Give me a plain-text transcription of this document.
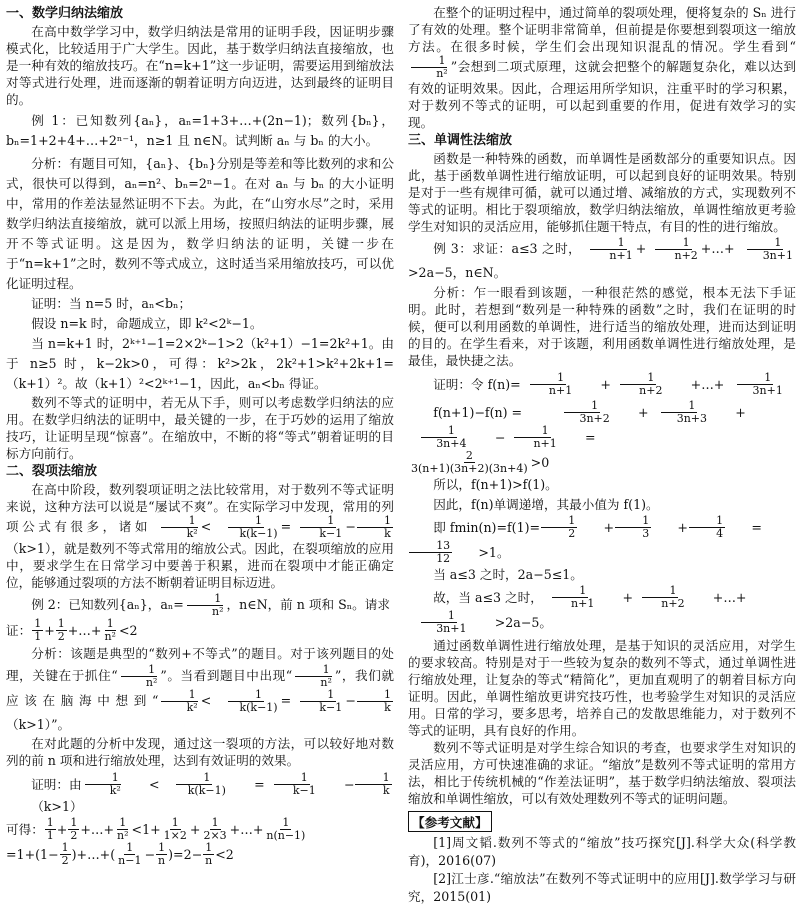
一、数学归纳法缩放

在高中数学学习中，数学归纳法是常用的证明手段，因证明步骤模式化，比较适用于广大学生。因此，基于数学归纳法直接缩放，也是一种有效的缩放技巧。在“n=k+1”这一步证明，需要运用到缩放法对等式进行处理，进而逐渐的朝着证明方向迈进，达到最终的证明目的。

例 1：已知数列{aₙ}，aₙ=1+3+…+(2n−1)；数列{bₙ}，bₙ=1+2+4+…+2ⁿ⁻¹，n≥1 且 n∈N。试判断 aₙ 与 bₙ 的大小。

分析：有题目可知，{aₙ}、{bₙ}分别是等差和等比数列的求和公式，很快可以得到，aₙ=n²、bₙ=2ⁿ−1。在对 aₙ 与 bₙ 的大小证明中，常用的作差法显然证明不下去。为此，在“山穷水尽”之时，采用数学归纳法直接缩放，就可以派上用场，按照归纳法的证明步骤，展开不等式证明。这是因为，数学归纳法的证明，关键一步在于“n=k+1”之时，数列不等式成立，这时适当采用缩放技巧，可以优化证明过程。

证明：当 n=5 时，aₙ<bₙ；

假设 n=k 时，命题成立，即 k²<2ᵏ−1。

当 n=k+1 时，2ᵏ⁺¹−1=2×2ᵏ−1>2（k²+1）−1=2k²+1。由于 n≥5 时，k−2k>0，可得：k²>2k，2k²+1>k²+2k+1=（k+1）²。故（k+1）²<2ᵏ⁺¹−1，因此，aₙ<bₙ 得证。

数列不等式的证明中，若无从下手，则可以考虑数学归纳法的应用。在数学归纳法的证明中，最关键的一步，在于巧妙的运用了缩放技巧，让证明呈现“惊喜”。在缩放中，不断的将“等式”朝着证明的目标方向前行。

二、裂项法缩放

在高中阶段，数列裂项证明之法比较常用，对于数列不等式证明来说，这种方法可以说是“屡试不爽”。在实际学习中发现，常用的列项公式有很多，诸如 $\frac{1}{\text{k²}} < \frac{1}{k(k-1)} = \frac{1}{k-1} - \frac{1}{k}$
（k>1），就是数列不等式常用的缩放公式。因此，在裂项缩放的应用中，要求学生在日常学习中要善于积累，进而在裂项中才能正确定位，能够通过裂项的方法不断朝着证明目标迈进。

例 2：已知数列{aₙ}，$a_n= \frac{1}{\text{n²}}$ ，n∈N，前 n 项和 Sₙ。请求

证： 1
1 + 1
2 +…+ 1
n² <2

分析：该题是典型的“数列+不等式”的题目。对于该列题目的处理，关键在于抓住“ $\frac{1}{\text{n²}}$ ”。当看到题目中出现“ $\frac{1}{\text{n²}}$ ”，我们就应该在脑海中想到“ $\frac{1}{\text{k²}} < \frac{1}{k(k-1)} = \frac{1}{k-1} - \frac{1}{k}$
（k>1）”。

在对此题的分析中发现，通过这一裂项的方法，可以较好地对数列的前 n 项和进行缩放处理，达到有效证明的效果。

证明：由	1
k² <	1
k(k−1) =	1
k−1 −	1
k
（k>1）

可得： 1
1 + 1
2 +…+ 1
n² <1+ 1
1×2 + 1
2×3 +…+ 1
n(n−1)

$=1+(1- \frac{1}{2}$ )+…+( 1
n−1 − 1
n )=2− 1
n <2

在整个的证明过程中，通过简单的裂项处理，便将复杂的 Sₙ 进行了有效的处理。整个证明非常简单，但前提是你要想到裂项这一缩放方法。在很多时候，学生们会出现知识混乱的情况。学生看到“
$\frac{1}{\text{n²}}$ ”会想到二项式原理，这就会把整个的解题复杂化，难以达到有效的证明效果。因此，合理运用所学知识，注重平时的学习积累，对于数列不等式的证明，可以起到重要的作用，促进有效学习的实现。

三、单调性法缩放

函数是一种特殊的函数，而单调性是函数部分的重要知识点。因此，基于函数单调性进行缩放证明，可以起到良好的证明效果。特别是对于一些有规律可循，就可以通过增、减缩放的方式，实现数列不等式的证明。相比于裂项缩放，数学归纳法缩放，单调性缩放更考验学生对知识的灵活应用，能够抓住题干特点，有目的性的进行缩放。

例 3：求证：a≤3 之时， $\frac{1}{n+1} + \frac{1}{n+2}$ +…+ $\frac{1}{3n+1}$
>2a−5，n∈N。

分析：乍一眼看到该题，一种很茫然的感觉，根本无法下手证明。此时，若想到“数列是一种特殊的函数”之时，我们在证明的时候，便可以利用函数的单调性，进行适当的缩放处理，进而达到证明的目的。在学生看来，对于该题，利用函数单调性进行缩放处理，是最佳，最快捷之法。

证明：令 $f(n)= \frac{1}{n+1}$ +	1
n+2 +…+	1
3n+1

f(n+1)−f(n) =
	$\frac{1}{3n+2}$ +	1
3n+3 +
1
3n+4 −	1
n+1 =

2
3(n+1)(3n+2)(3n+4) >0

所以，f(n+1)>f(1)。

因此，f(n)单调递增，其最小值为 f(1)。

即 $fmin(n)=f(1)= \frac{1}{2}$ +	1
3 +	1
4 =
13
12	>1。

当 a≤3 之时，2a−5≤1。

故，当 a≤3 之时，	1
n+1 +	1
n+2 +…+
1
3n+1	>2a−5。

通过函数单调性进行缩放处理，是基于知识的灵活应用，对学生的要求较高。特别是对于一些较为复杂的数列不等式，通过单调性进行缩放处理，让复杂的等式“精简化”，更加直观明了的朝着目标方向证明。因此，单调性缩放更讲究技巧性，也考验学生对知识的灵活应用。日常的学习，要多思考，培养自己的发散思维能力，对于数列不等式的证明，具有良好的作用。

数列不等式证明是对学生综合知识的考查，也要求学生对知识的灵活应用，方可快速准确的求证。“缩放”是数列不等式证明的常用方法，相比于传统机械的“作差法证明”，基于数学归纳法缩放、裂项法缩放和单调性缩放，可以有效处理数列不等式的证明问题。

【参考文献】

[1]周文韬.数列不等式的“缩放”技巧探究[J].科学大众(科学教育)，2016(07)

[2]江士彦.“缩放法”在数列不等式证明中的应用[J].数学学习与研究，2015(01)
